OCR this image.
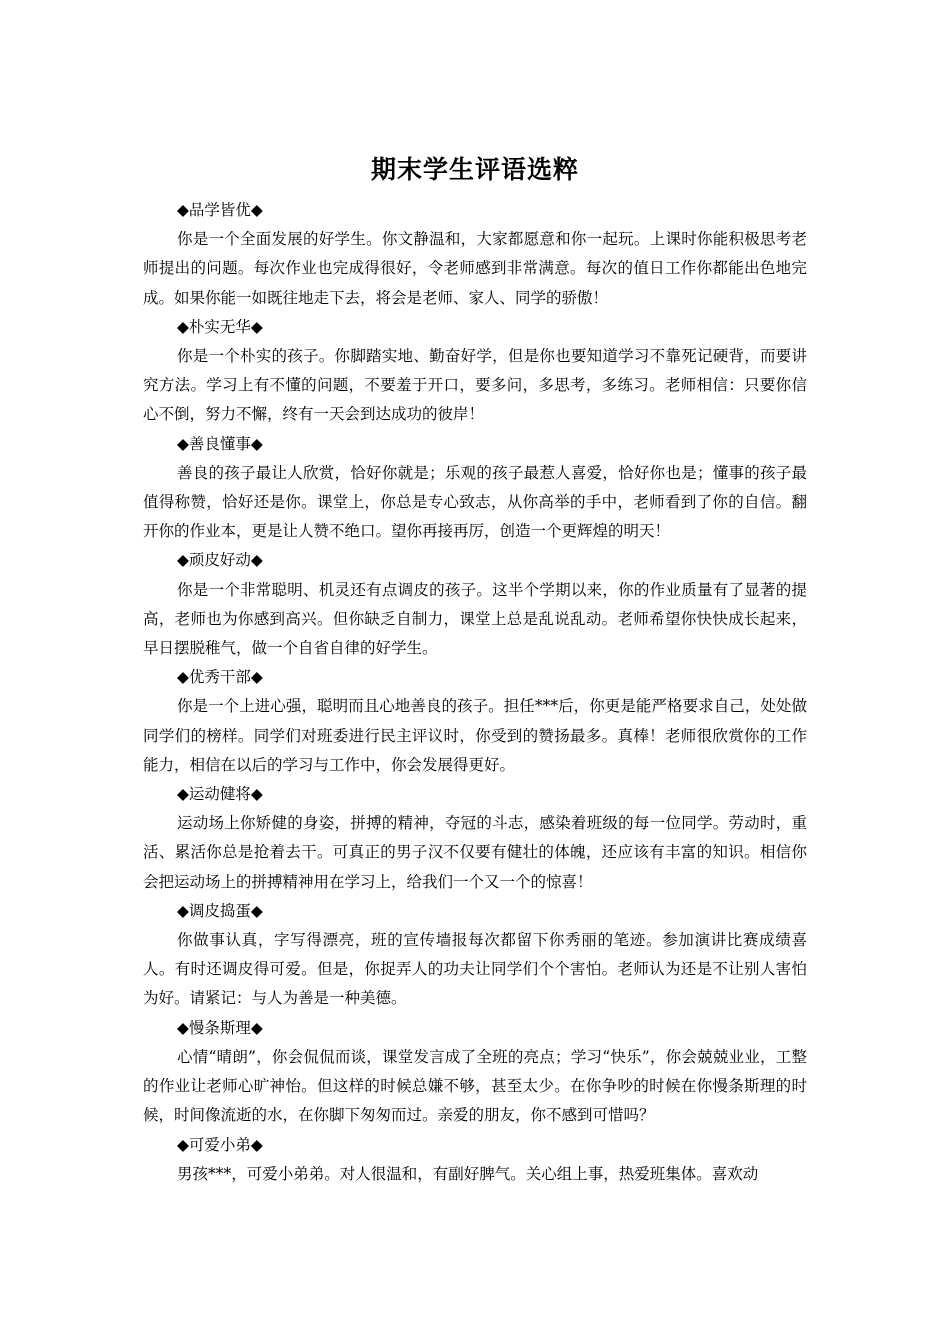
期末学生评语选粹

◆品学皆优◆

你是一个全面发展的好学生。你文静温和，大家都愿意和你一起玩。上课时你能积极思考老师提出的问题。每次作业也完成得很好，令老师感到非常满意。每次的值日工作你都能出色地完成。如果你能一如既往地走下去，将会是老师、家人、同学的骄傲！

◆朴实无华◆

你是一个朴实的孩子。你脚踏实地、勤奋好学，但是你也要知道学习不靠死记硬背，而要讲究方法。学习上有不懂的问题，不要羞于开口，要多问，多思考，多练习。老师相信：只要你信心不倒，努力不懈，终有一天会到达成功的彼岸！

◆善良懂事◆

善良的孩子最让人欣赏，恰好你就是；乐观的孩子最惹人喜爱，恰好你也是；懂事的孩子最值得称赞，恰好还是你。课堂上，你总是专心致志，从你高举的手中，老师看到了你的自信。翻开你的作业本，更是让人赞不绝口。望你再接再厉，创造一个更辉煌的明天！

◆顽皮好动◆

你是一个非常聪明、机灵还有点调皮的孩子。这半个学期以来，你的作业质量有了显著的提高，老师也为你感到高兴。但你缺乏自制力，课堂上总是乱说乱动。老师希望你快快成长起来，早日摆脱稚气，做一个自省自律的好学生。

◆优秀干部◆

你是一个上进心强，聪明而且心地善良的孩子。担任***后，你更是能严格要求自己，处处做同学们的榜样。同学们对班委进行民主评议时，你受到的赞扬最多。真棒！老师很欣赏你的工作能力，相信在以后的学习与工作中，你会发展得更好。

◆运动健将◆

运动场上你矫健的身姿，拼搏的精神，夺冠的斗志，感染着班级的每一位同学。劳动时，重活、累活你总是抢着去干。可真正的男子汉不仅要有健壮的体魄，还应该有丰富的知识。相信你会把运动场上的拼搏精神用在学习上，给我们一个又一个的惊喜！

◆调皮捣蛋◆

你做事认真，字写得漂亮，班的宣传墙报每次都留下你秀丽的笔迹。参加演讲比赛成绩喜人。有时还调皮得可爱。但是，你捉弄人的功夫让同学们个个害怕。老师认为还是不让别人害怕为好。请紧记：与人为善是一种美德。

◆慢条斯理◆

心情“晴朗”，你会侃侃而谈，课堂发言成了全班的亮点；学习“快乐”，你会兢兢业业，工整的作业让老师心旷神怡。但这样的时候总嫌不够，甚至太少。在你争吵的时候在你慢条斯理的时候，时间像流逝的水，在你脚下匆匆而过。亲爱的朋友，你不感到可惜吗？

◆可爱小弟◆

男孩***，可爱小弟弟。对人很温和，有副好脾气。关心组上事，热爱班集体。喜欢动
